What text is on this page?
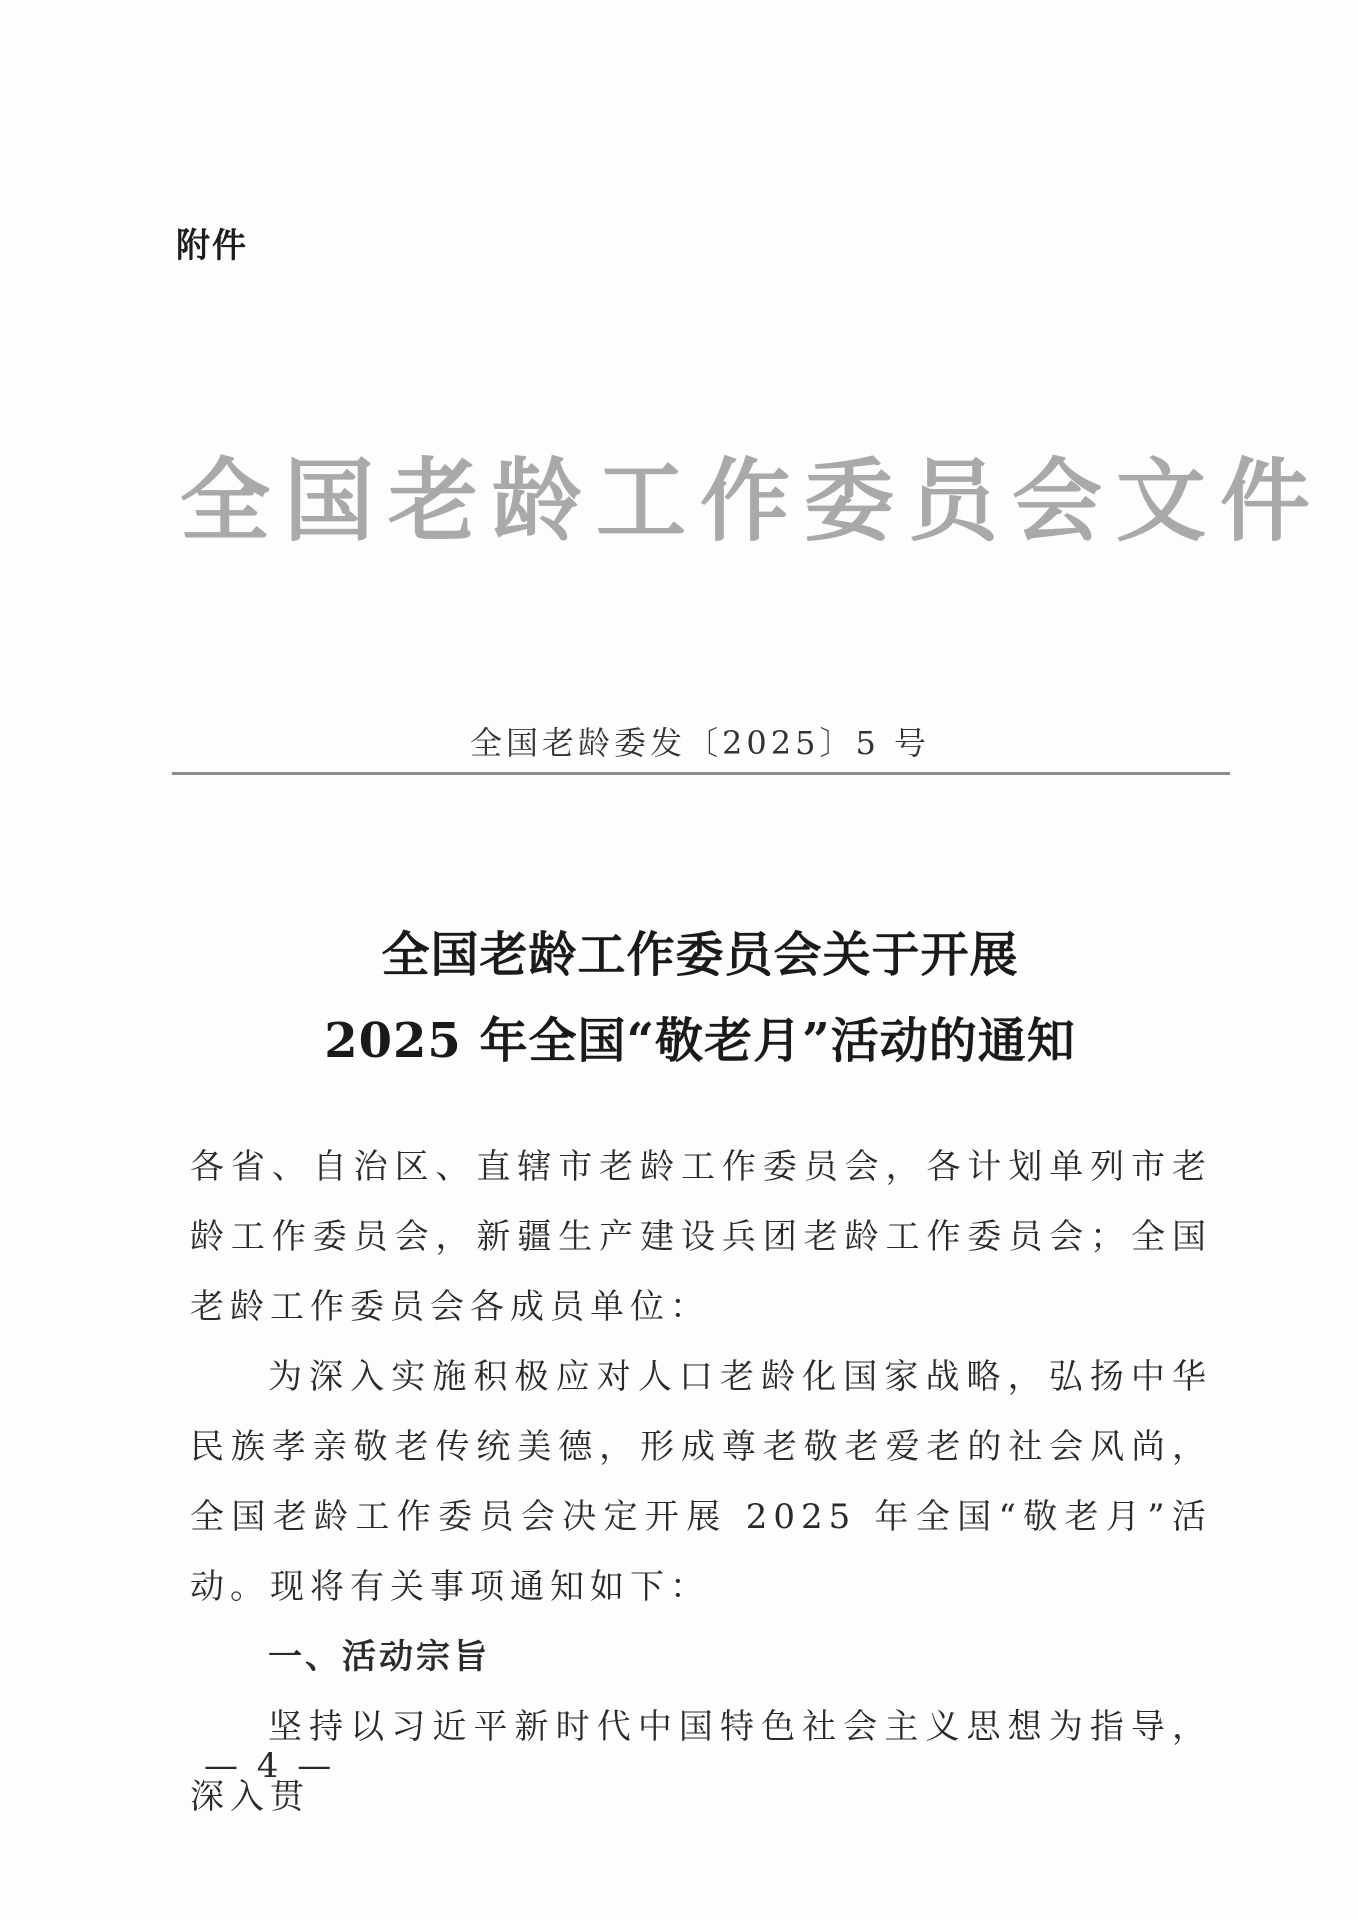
附件
全国老龄工作委员会文件
全国老龄委发〔2025〕5 号
全国老龄工作委员会关于开展
2025 年全国“敬老月”活动的通知

各省、自治区、直辖市老龄工作委员会，各计划单列市老龄工作委员会，新疆生产建设兵团老龄工作委员会；全国老龄工作委员会各成员单位：

为深入实施积极应对人口老龄化国家战略，弘扬中华民族孝亲敬老传统美德，形成尊老敬老爱老的社会风尚，全国老龄工作委员会决定开展 2025 年全国“敬老月”活动。现将有关事项通知如下：

一、活动宗旨

坚持以习近平新时代中国特色社会主义思想为指导，深入贯

— 4 —
